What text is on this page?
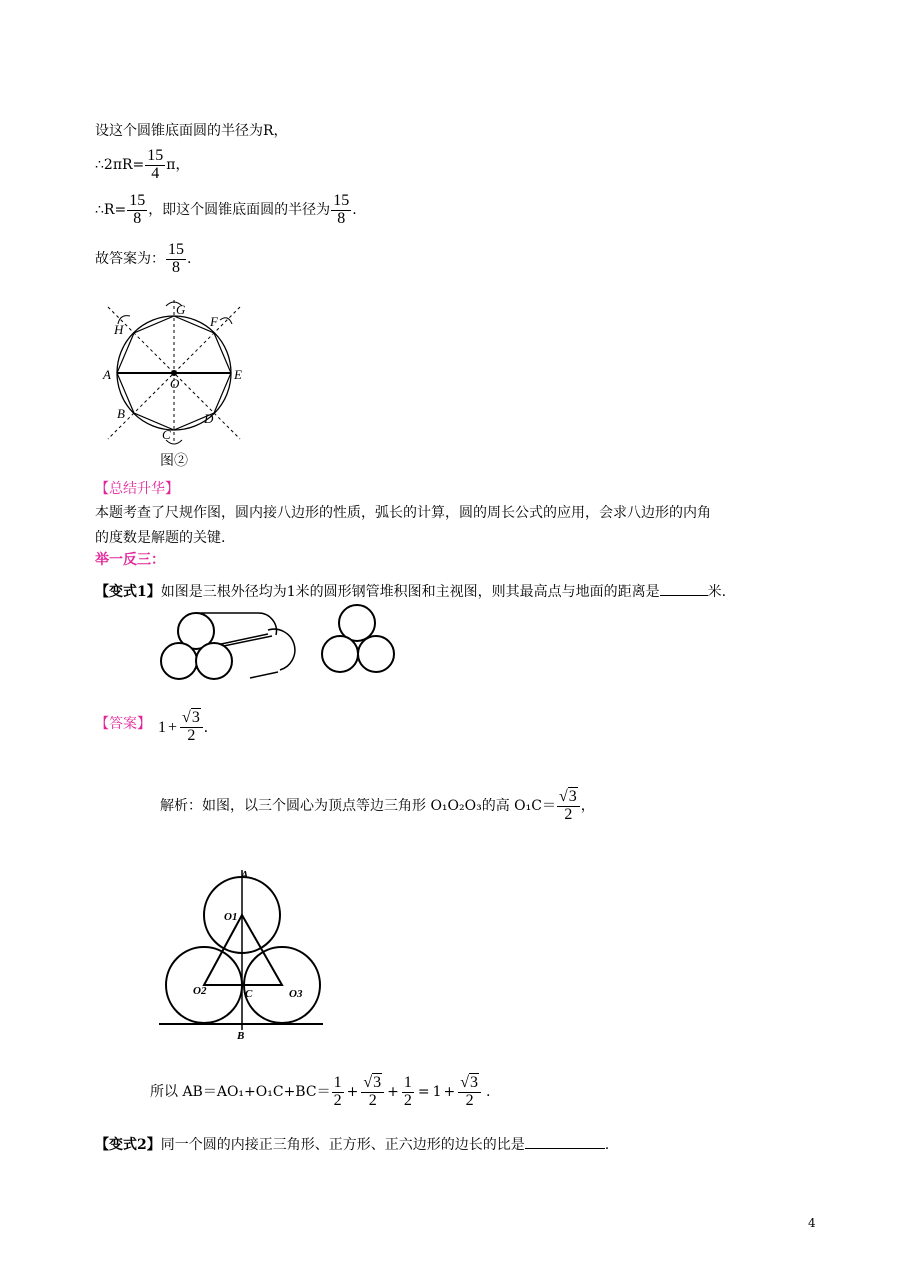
设这个圆锥底面圆的半径为R，
∴2πR= $\frac{15}{4}$ π，
∴R= $\frac{15}{8}$ ，即这个圆锥底面圆的半径为 $\frac{15}{8}$ .
故答案为： $\frac{15}{8}$ .
G
F
H
A
O
E
B	D
C
图②
【总结升华】
本题考查了尺规作图，圆内接八边形的性质，弧长的计算，圆的周长公式的应用，会求八边形的内角
的度数是解题的关键.
举一反三：
【变式1】如图是三根外径均为1米的圆形钢管堆积图和主视图，则其最高点与地面的距离是	米.
【答案】 $1 + \frac{√3}{2}$ .
解析：如图，以三个圆心为顶点等边三角形 O₁O₂O₃的高 $O_1C= \frac{√3}{2}$ ，
A
O1
O2	C	O3
B
所以 $AB=AO_1+O_1C+BC= \frac{1}{2} + \frac{√3}{2} + \frac{1}{2} = 1 + \frac{√3}{2}$ .
【变式2】同一个圆的内接正三角形、正方形、正六边形的边长的比是	.
4
